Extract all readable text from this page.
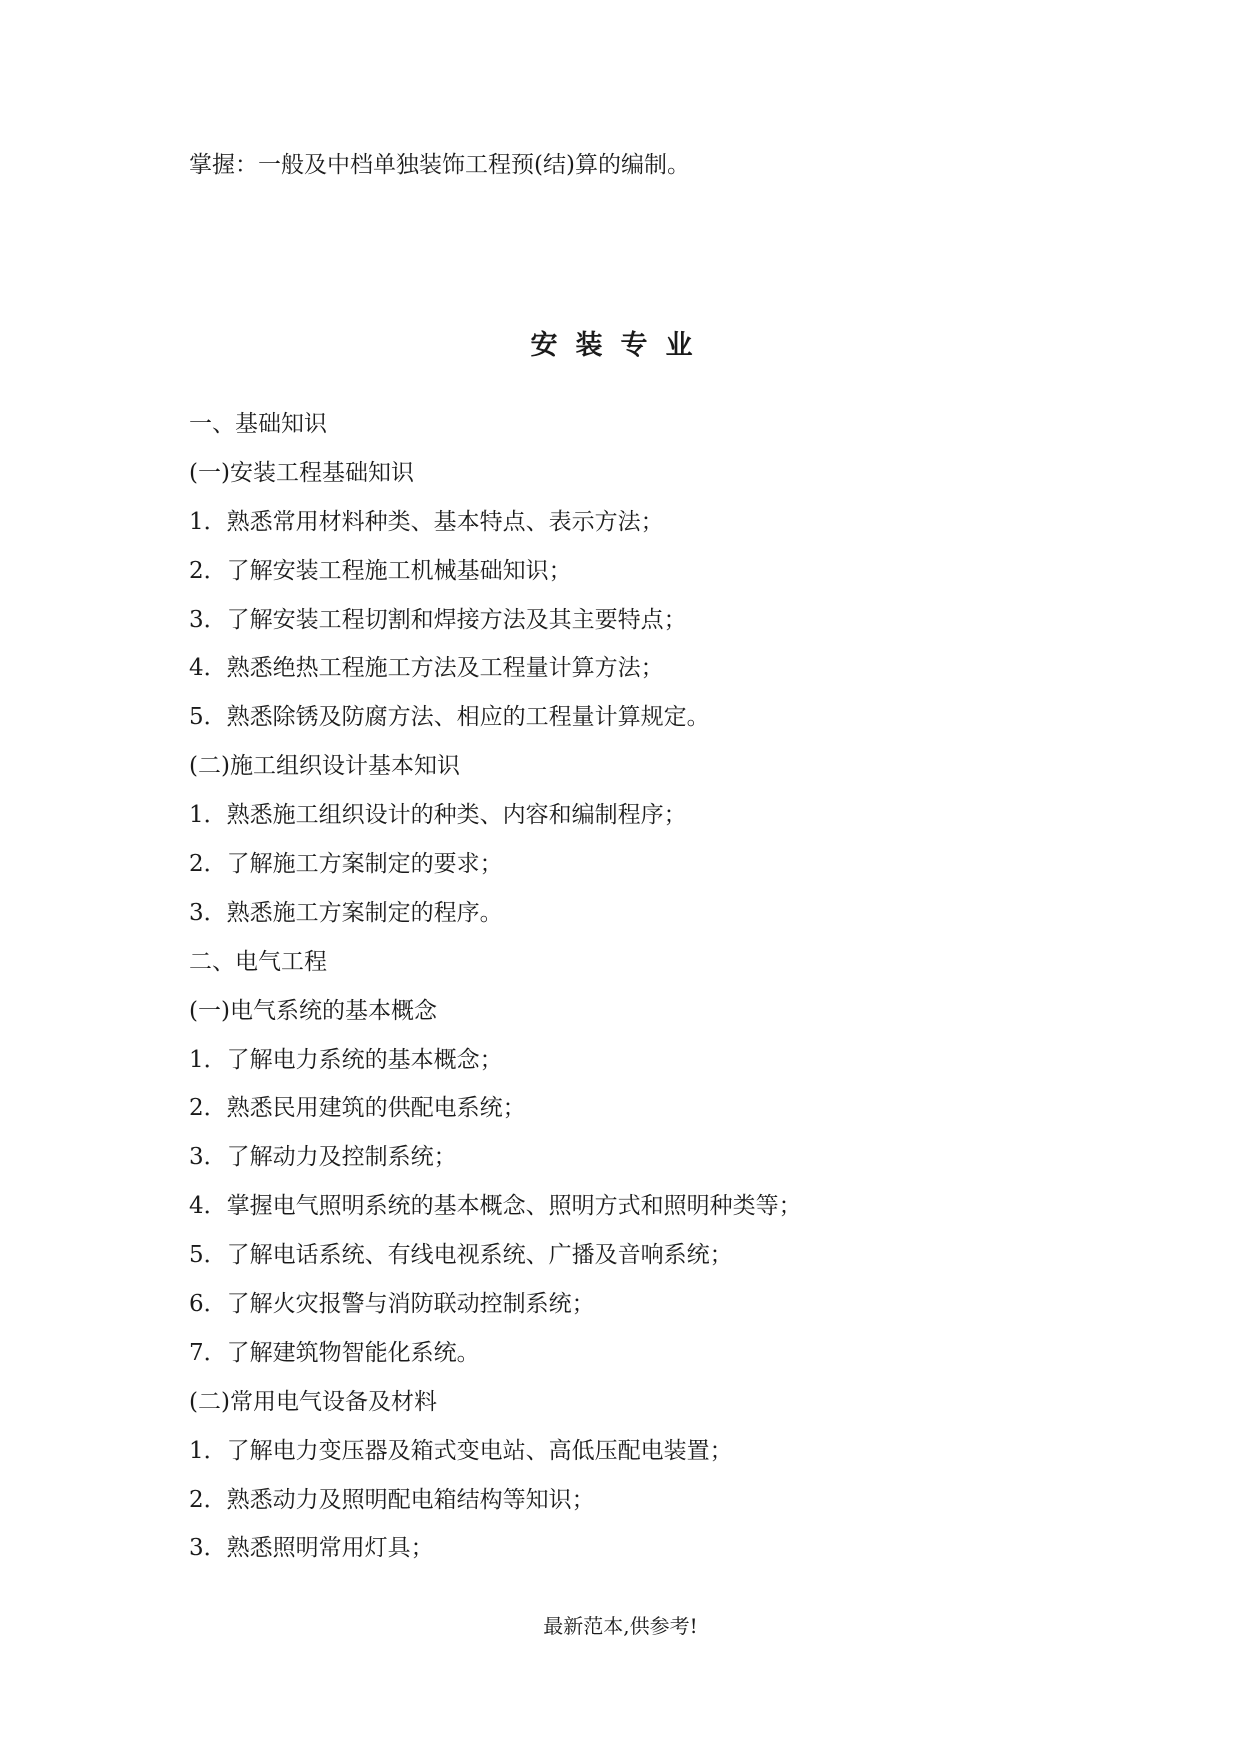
掌握：一般及中档单独装饰工程预(结)算的编制。
安装专业
一、基础知识
(一)安装工程基础知识
1．熟悉常用材料种类、基本特点、表示方法；
2．了解安装工程施工机械基础知识；
3．了解安装工程切割和焊接方法及其主要特点；
4．熟悉绝热工程施工方法及工程量计算方法；
5．熟悉除锈及防腐方法、相应的工程量计算规定。
(二)施工组织设计基本知识
1．熟悉施工组织设计的种类、内容和编制程序；
2．了解施工方案制定的要求；
3．熟悉施工方案制定的程序。
二、电气工程
(一)电气系统的基本概念
1．了解电力系统的基本概念；
2．熟悉民用建筑的供配电系统；
3．了解动力及控制系统；
4．掌握电气照明系统的基本概念、照明方式和照明种类等；
5．了解电话系统、有线电视系统、广播及音响系统；
6．了解火灾报警与消防联动控制系统；
7．了解建筑物智能化系统。
(二)常用电气设备及材料
1．了解电力变压器及箱式变电站、高低压配电装置；
2．熟悉动力及照明配电箱结构等知识；
3．熟悉照明常用灯具；
最新范本,供参考!
